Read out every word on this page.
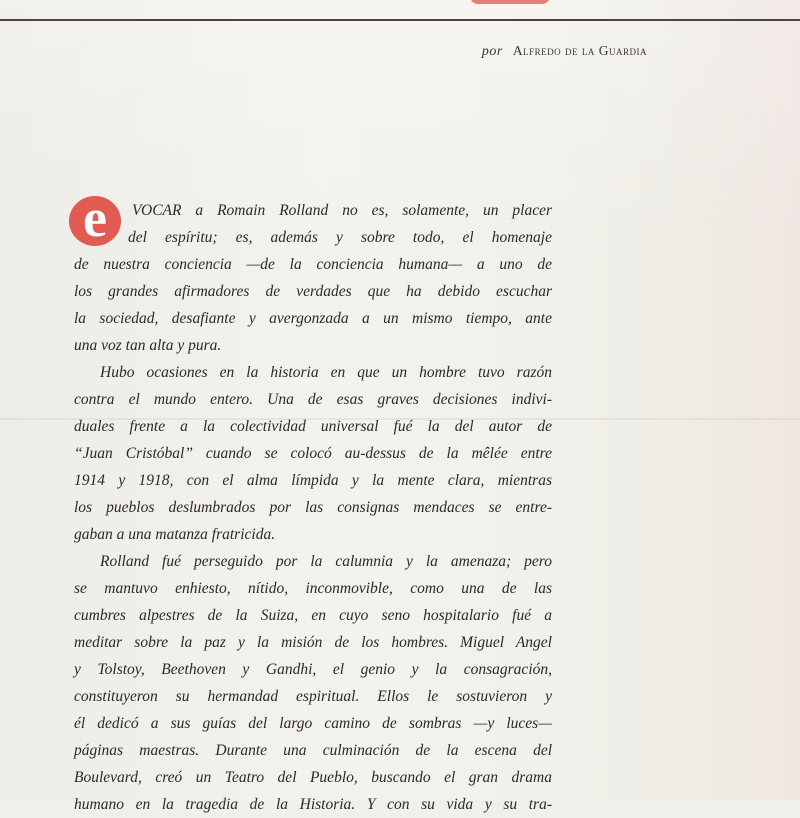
por Alfredo de la Guardia
e	VOCAR a Romain Rolland no es, solamente, un placer
del espíritu; es, además y sobre todo, el homenaje
de nuestra conciencia —de la conciencia humana— a uno de
los grandes afirmadores de verdades que ha debido escuchar
la sociedad, desafiante y avergonzada a un mismo tiempo, ante
una voz tan alta y pura.
Hubo ocasiones en la historia en que un hombre tuvo razón
contra el mundo entero. Una de esas graves decisiones indivi-
duales frente a la colectividad universal fué la del autor de
“Juan Cristóbal” cuando se colocó au-dessus de la mêlée entre
1914 y 1918, con el alma límpida y la mente clara, mientras
los pueblos deslumbrados por las consignas mendaces se entre-
gaban a una matanza fratricida.
Rolland fué perseguido por la calumnia y la amenaza; pero
se mantuvo enhiesto, nítido, inconmovible, como una de las
cumbres alpestres de la Suiza, en cuyo seno hospitalario fué a
meditar sobre la paz y la misión de los hombres. Miguel Angel
y Tolstoy, Beethoven y Gandhi, el genio y la consagración,
constituyeron su hermandad espiritual. Ellos le sostuvieron y
él dedicó a sus guías del largo camino de sombras —y luces—
páginas maestras. Durante una culminación de la escena del
Boulevard, creó un Teatro del Pueblo, buscando el gran drama
humano en la tragedia de la Historia. Y con su vida y su tra-
